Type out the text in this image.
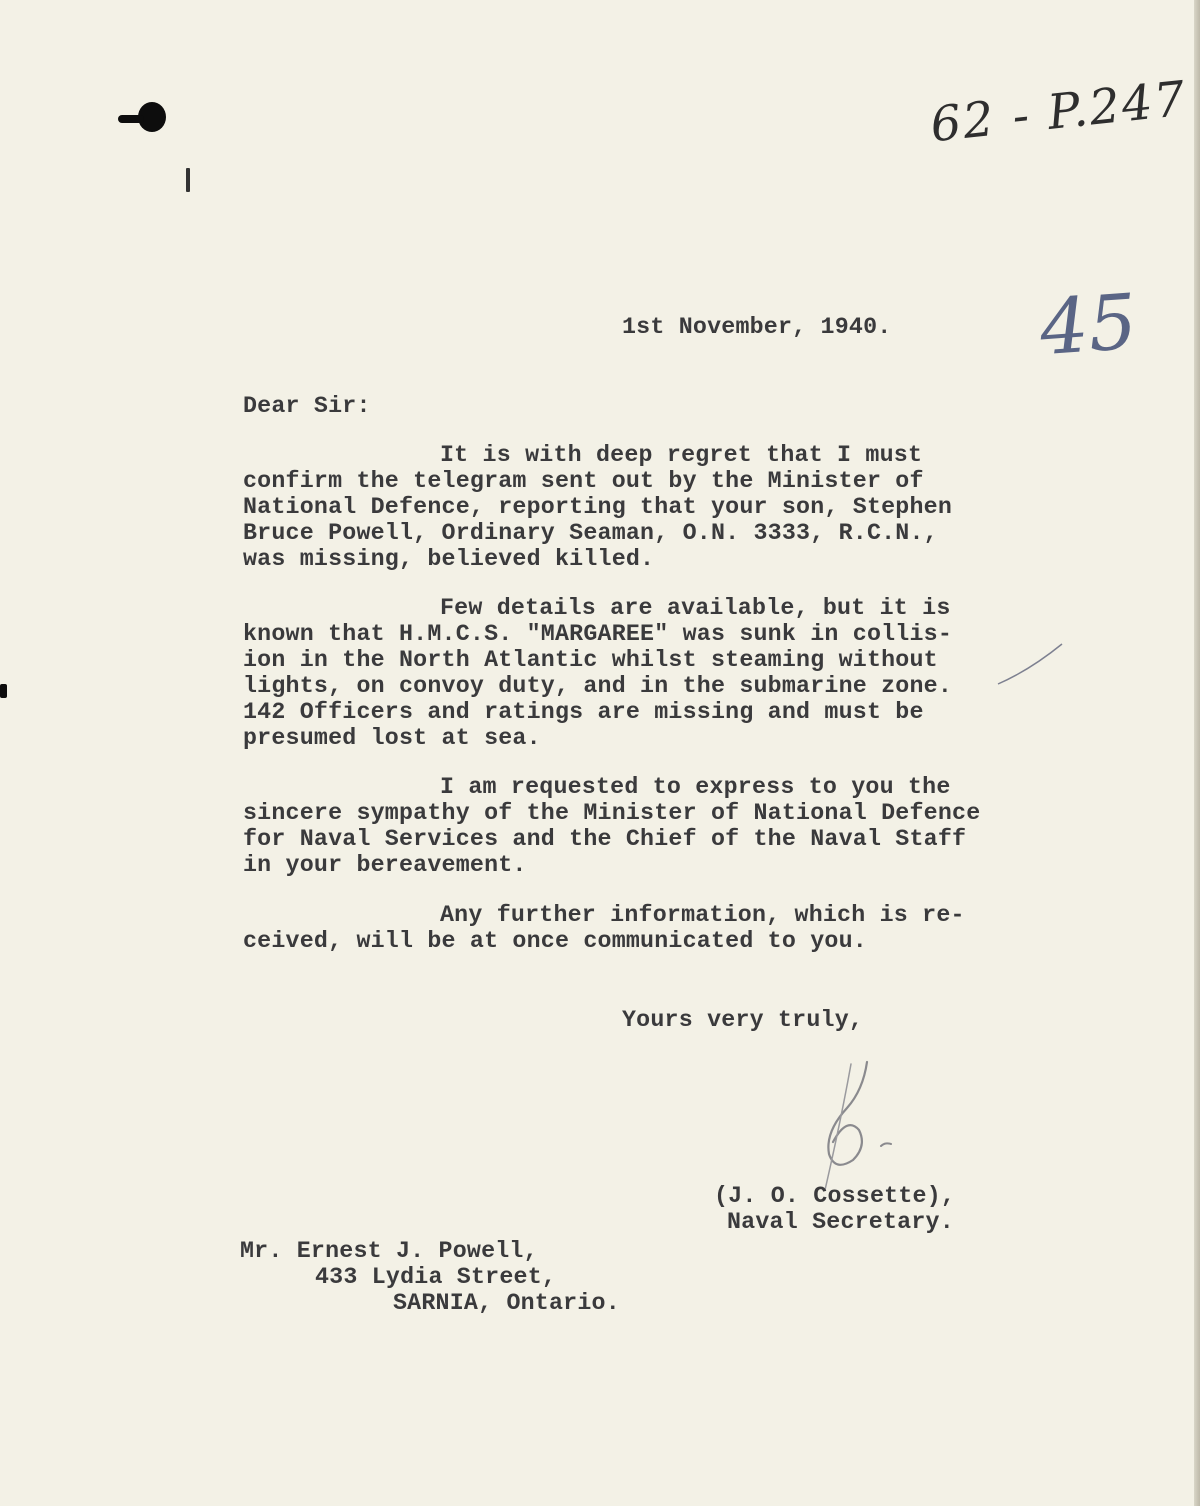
62 - P.247
45
1st November, 1940.
Dear Sir:
It is with deep regret that I must
confirm the telegram sent out by the Minister of
National Defence, reporting that your son, Stephen
Bruce Powell, Ordinary Seaman, O.N. 3333, R.C.N.,
was missing, believed killed.
Few details are available, but it is
known that H.M.C.S. "MARGAREE" was sunk in collis-
ion in the North Atlantic whilst steaming without
lights, on convoy duty, and in the submarine zone.
142 Officers and ratings are missing and must be
presumed lost at sea.
I am requested to express to you the
sincere sympathy of the Minister of National Defence
for Naval Services and the Chief of the Naval Staff
in your bereavement.
Any further information, which is re-
ceived, will be at once communicated to you.
Yours very truly,
(J. O. Cossette),
Naval Secretary.
Mr. Ernest J. Powell,
433 Lydia Street,
SARNIA, Ontario.
